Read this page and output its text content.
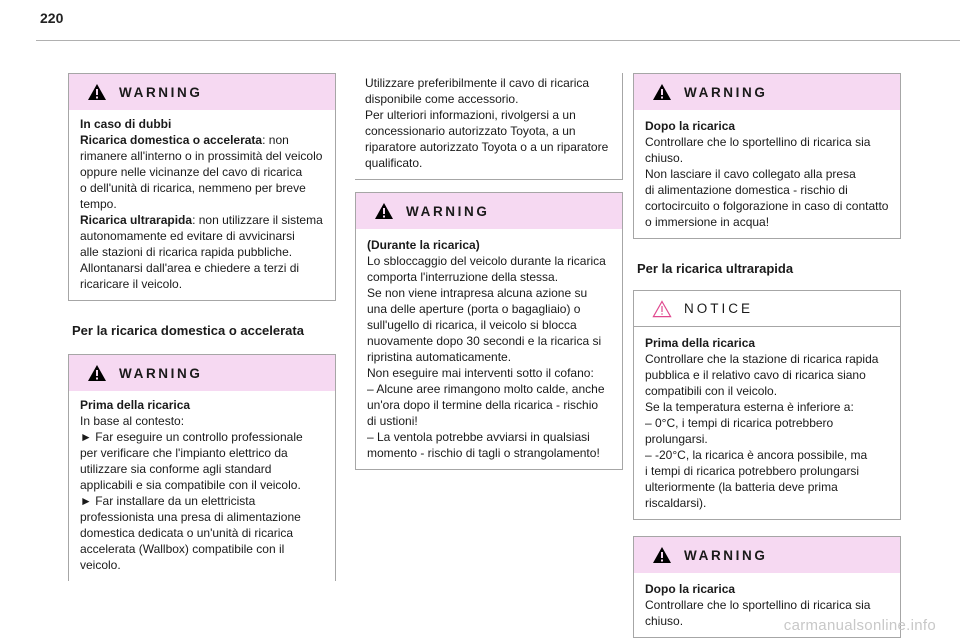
220
WARNING
In caso di dubbi
Ricarica domestica o accelerata: non
rimanere all'interno o in prossimità del veicolo
oppure nelle vicinanze del cavo di ricarica
o dell'unità di ricarica, nemmeno per breve
tempo.
Ricarica ultrarapida: non utilizzare il sistema
autonomamente ed evitare di avvicinarsi
alle stazioni di ricarica rapida pubbliche.
Allontanarsi dall'area e chiedere a terzi di
ricaricare il veicolo.
Per la ricarica domestica o accelerata
WARNING
Prima della ricarica
In base al contesto:
► Far eseguire un controllo professionale
per verificare che l'impianto elettrico da
utilizzare sia conforme agli standard
applicabili e sia compatibile con il veicolo.
► Far installare da un elettricista
professionista una presa di alimentazione
domestica dedicata o un'unità di ricarica
accelerata (Wallbox) compatibile con il
veicolo.
Utilizzare preferibilmente il cavo di ricarica
disponibile come accessorio.
Per ulteriori informazioni, rivolgersi a un
concessionario autorizzato Toyota, a un
riparatore autorizzato Toyota o a un riparatore
qualificato.
WARNING
(Durante la ricarica)
Lo sbloccaggio del veicolo durante la ricarica
comporta l'interruzione della stessa.
Se non viene intrapresa alcuna azione su
una delle aperture (porta o bagagliaio) o
sull'ugello di ricarica, il veicolo si blocca
nuovamente dopo 30 secondi e la ricarica si
ripristina automaticamente.
Non eseguire mai interventi sotto il cofano:
– Alcune aree rimangono molto calde, anche
un'ora dopo il termine della ricarica - rischio
di ustioni!
– La ventola potrebbe avviarsi in qualsiasi
momento - rischio di tagli o strangolamento!
WARNING
Dopo la ricarica
Controllare che lo sportellino di ricarica sia
chiuso.
Non lasciare il cavo collegato alla presa
di alimentazione domestica - rischio di
cortocircuito o folgorazione in caso di contatto
o immersione in acqua!
Per la ricarica ultrarapida
NOTICE
Prima della ricarica
Controllare che la stazione di ricarica rapida
pubblica e il relativo cavo di ricarica siano
compatibili con il veicolo.
Se la temperatura esterna è inferiore a:
– 0°C, i tempi di ricarica potrebbero
prolungarsi.
– -20°C, la ricarica è ancora possibile, ma
i tempi di ricarica potrebbero prolungarsi
ulteriormente (la batteria deve prima
riscaldarsi).
WARNING
Dopo la ricarica
Controllare che lo sportellino di ricarica sia
chiuso.	carmanualsonline.info
